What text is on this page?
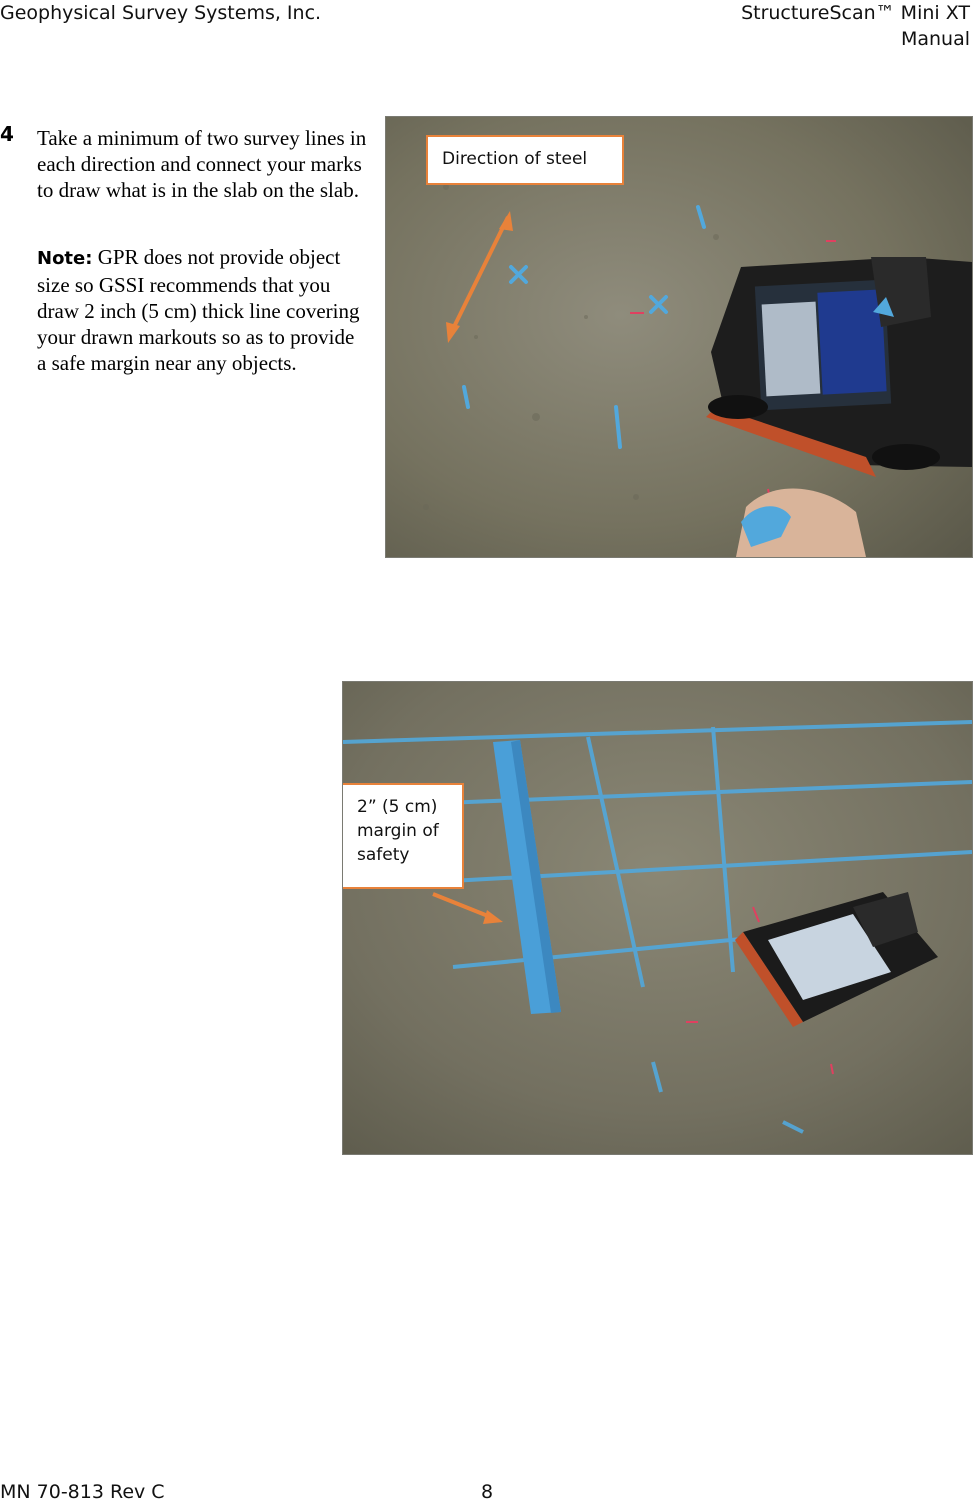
Geophysical Survey Systems, Inc.	StructureScan™ Mini XT
Manual
4 Take a minimum of two survey lines in each direction and connect your marks to draw what is in the slab on the slab.

Note: GPR does not provide object size so GSSI recommends that you draw 2 inch (5 cm) thick line covering your drawn markouts so as to provide a safe margin near any objects.

Direction of steel
2” (5 cm) margin of safety
MN 70-813 Rev C	8
